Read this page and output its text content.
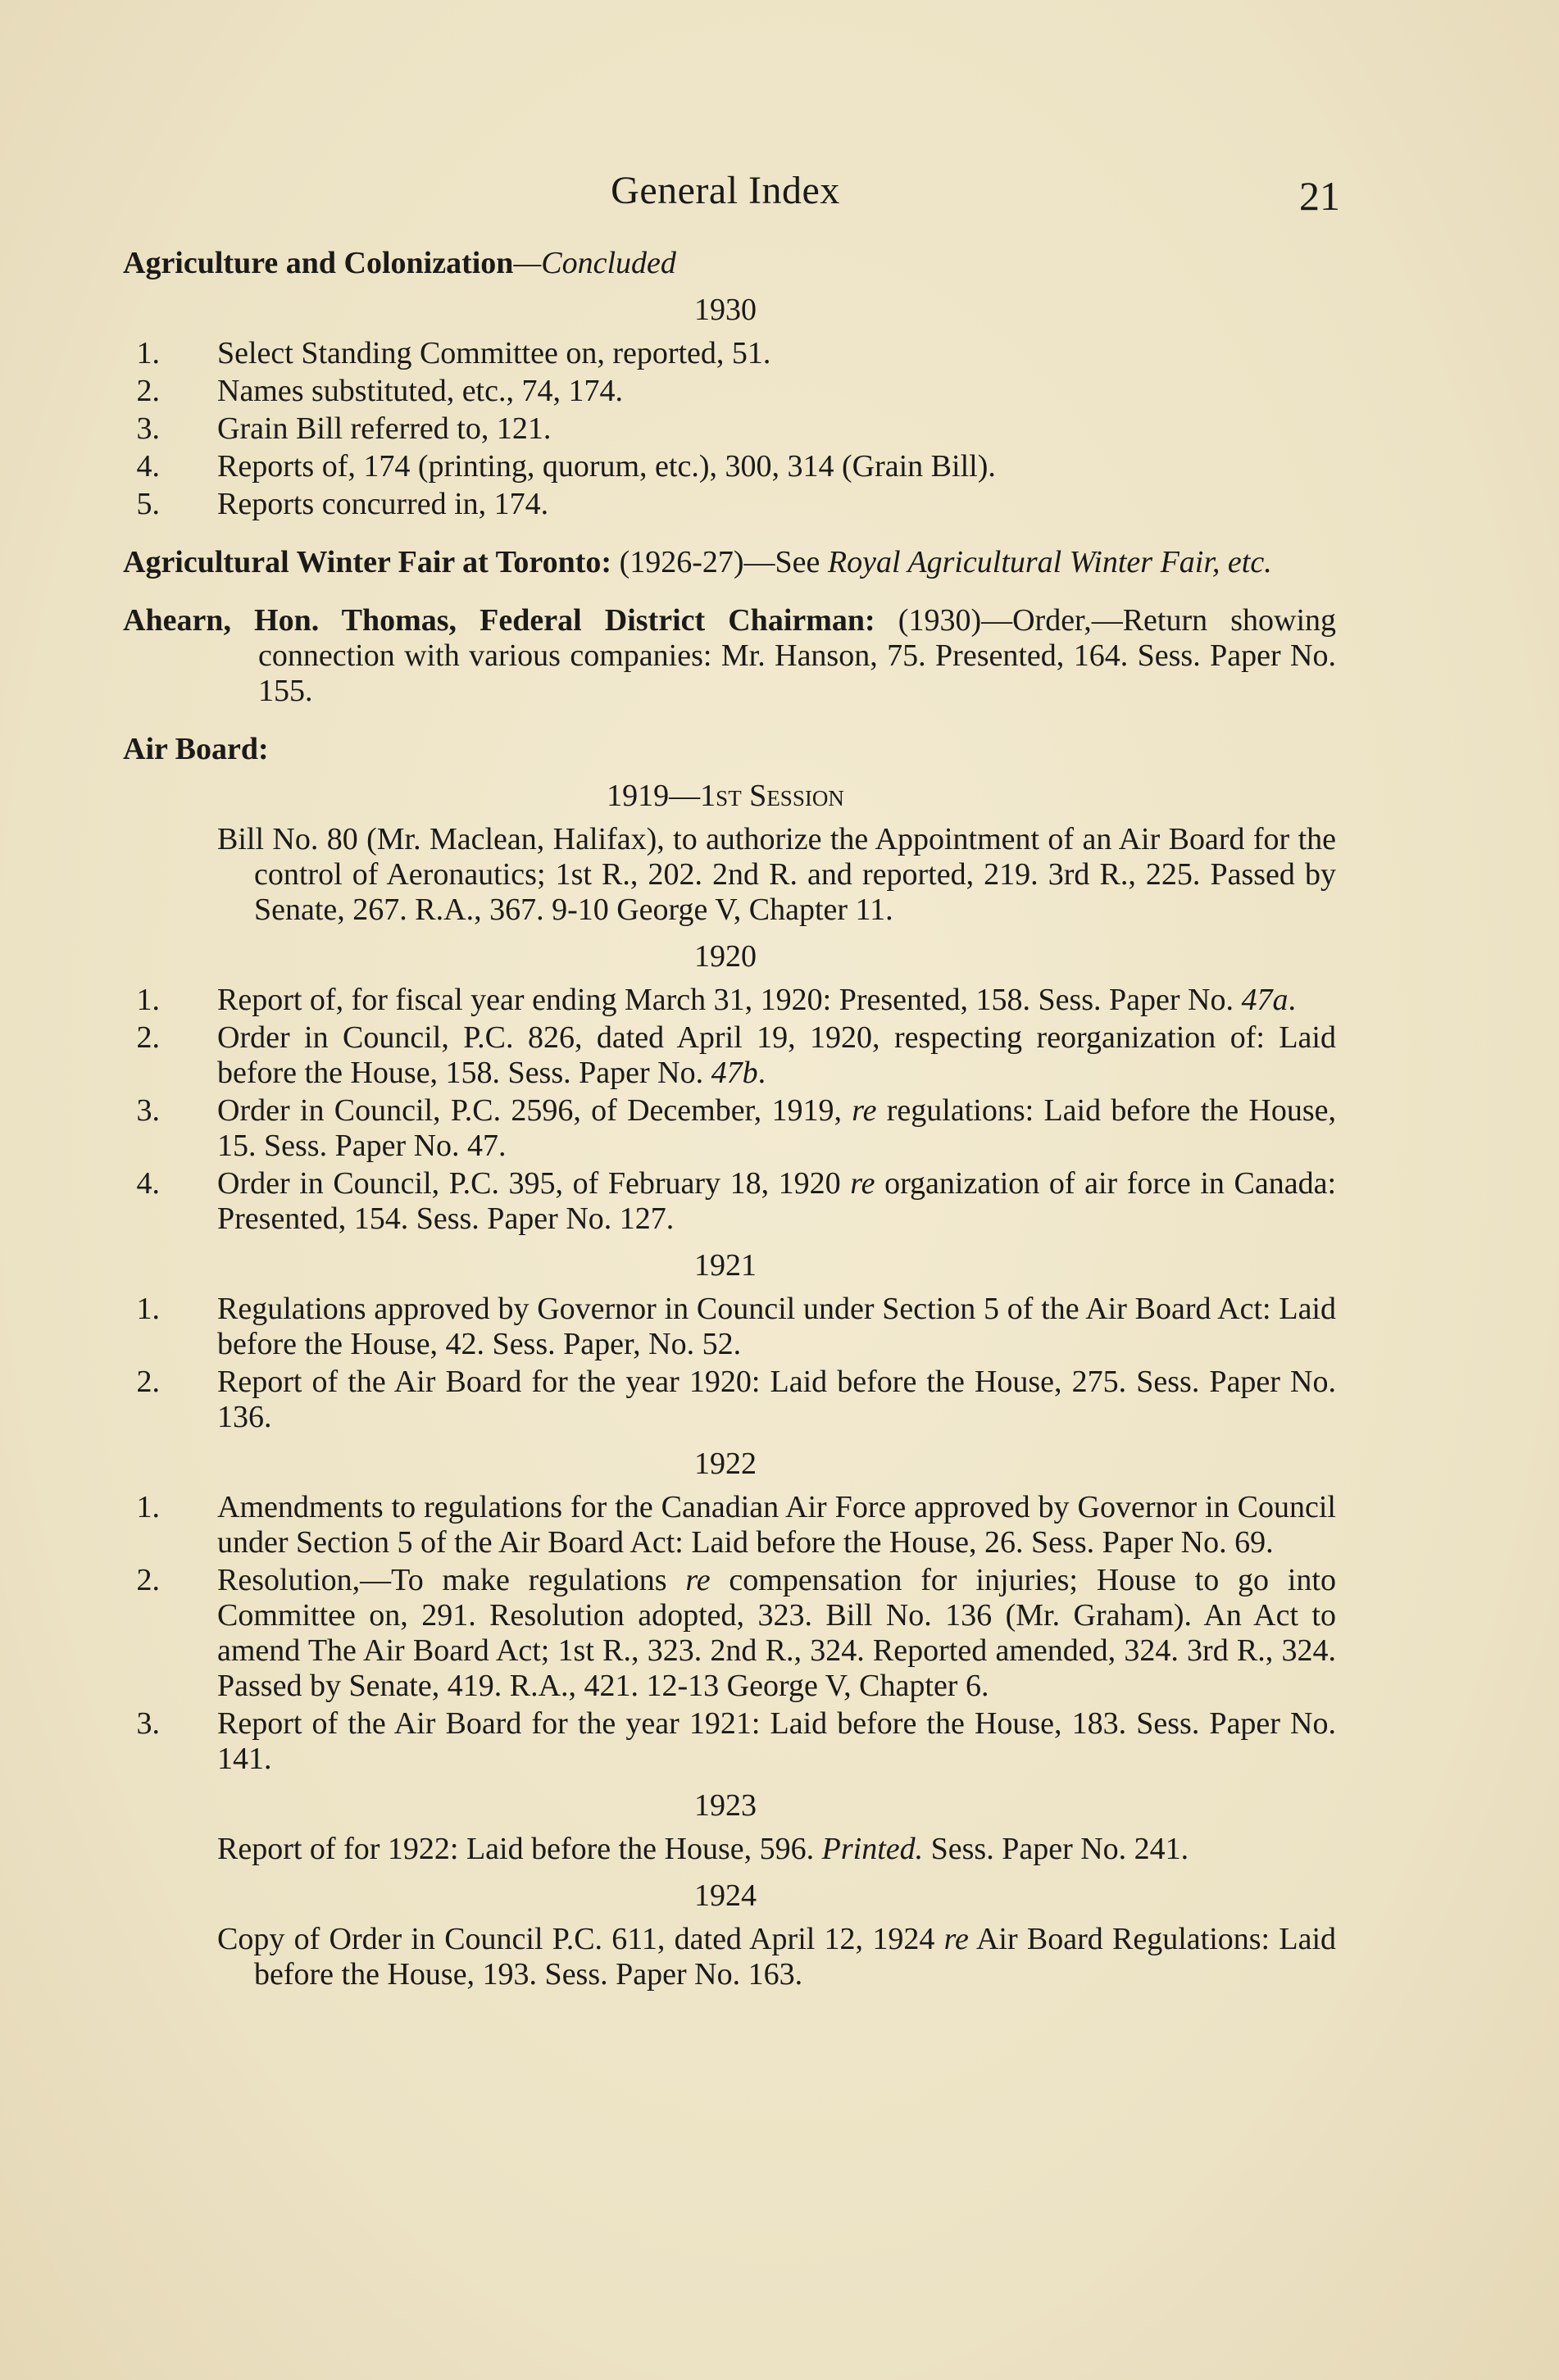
General Index	21
Agriculture and Colonization—Concluded
1930
1. Select Standing Committee on, reported, 51.
2. Names substituted, etc., 74, 174.
3. Grain Bill referred to, 121.
4. Reports of, 174 (printing, quorum, etc.), 300, 314 (Grain Bill).
5. Reports concurred in, 174.
Agricultural Winter Fair at Toronto: (1926-27)—See Royal Agricultural Winter Fair, etc.
Ahearn, Hon. Thomas, Federal District Chairman: (1930)—Order,—Return showing connection with various companies: Mr. Hanson, 75. Presented, 164. Sess. Paper No. 155.
Air Board:
1919—1st Session
Bill No. 80 (Mr. Maclean, Halifax), to authorize the Appointment of an Air Board for the control of Aeronautics; 1st R., 202. 2nd R. and reported, 219. 3rd R., 225. Passed by Senate, 267. R.A., 367. 9-10 George V, Chapter 11.
1920
1. Report of, for fiscal year ending March 31, 1920: Presented, 158. Sess. Paper No. 47a.
2. Order in Council, P.C. 826, dated April 19, 1920, respecting reorganization of: Laid before the House, 158. Sess. Paper No. 47b.
3. Order in Council, P.C. 2596, of December, 1919, re regulations: Laid before the House, 15. Sess. Paper No. 47.
4. Order in Council, P.C. 395, of February 18, 1920 re organization of air force in Canada: Presented, 154. Sess. Paper No. 127.
1921
1. Regulations approved by Governor in Council under Section 5 of the Air Board Act: Laid before the House, 42. Sess. Paper, No. 52.
2. Report of the Air Board for the year 1920: Laid before the House, 275. Sess. Paper No. 136.
1922
1. Amendments to regulations for the Canadian Air Force approved by Governor in Council under Section 5 of the Air Board Act: Laid before the House, 26. Sess. Paper No. 69.
2. Resolution,—To make regulations re compensation for injuries; House to go into Committee on, 291. Resolution adopted, 323. Bill No. 136 (Mr. Graham). An Act to amend The Air Board Act; 1st R., 323. 2nd R., 324. Reported amended, 324. 3rd R., 324. Passed by Senate, 419. R.A., 421. 12-13 George V, Chapter 6.
3. Report of the Air Board for the year 1921: Laid before the House, 183. Sess. Paper No. 141.
1923
Report of for 1922: Laid before the House, 596. Printed. Sess. Paper No. 241.
1924
Copy of Order in Council P.C. 611, dated April 12, 1924 re Air Board Regulations: Laid before the House, 193. Sess. Paper No. 163.
